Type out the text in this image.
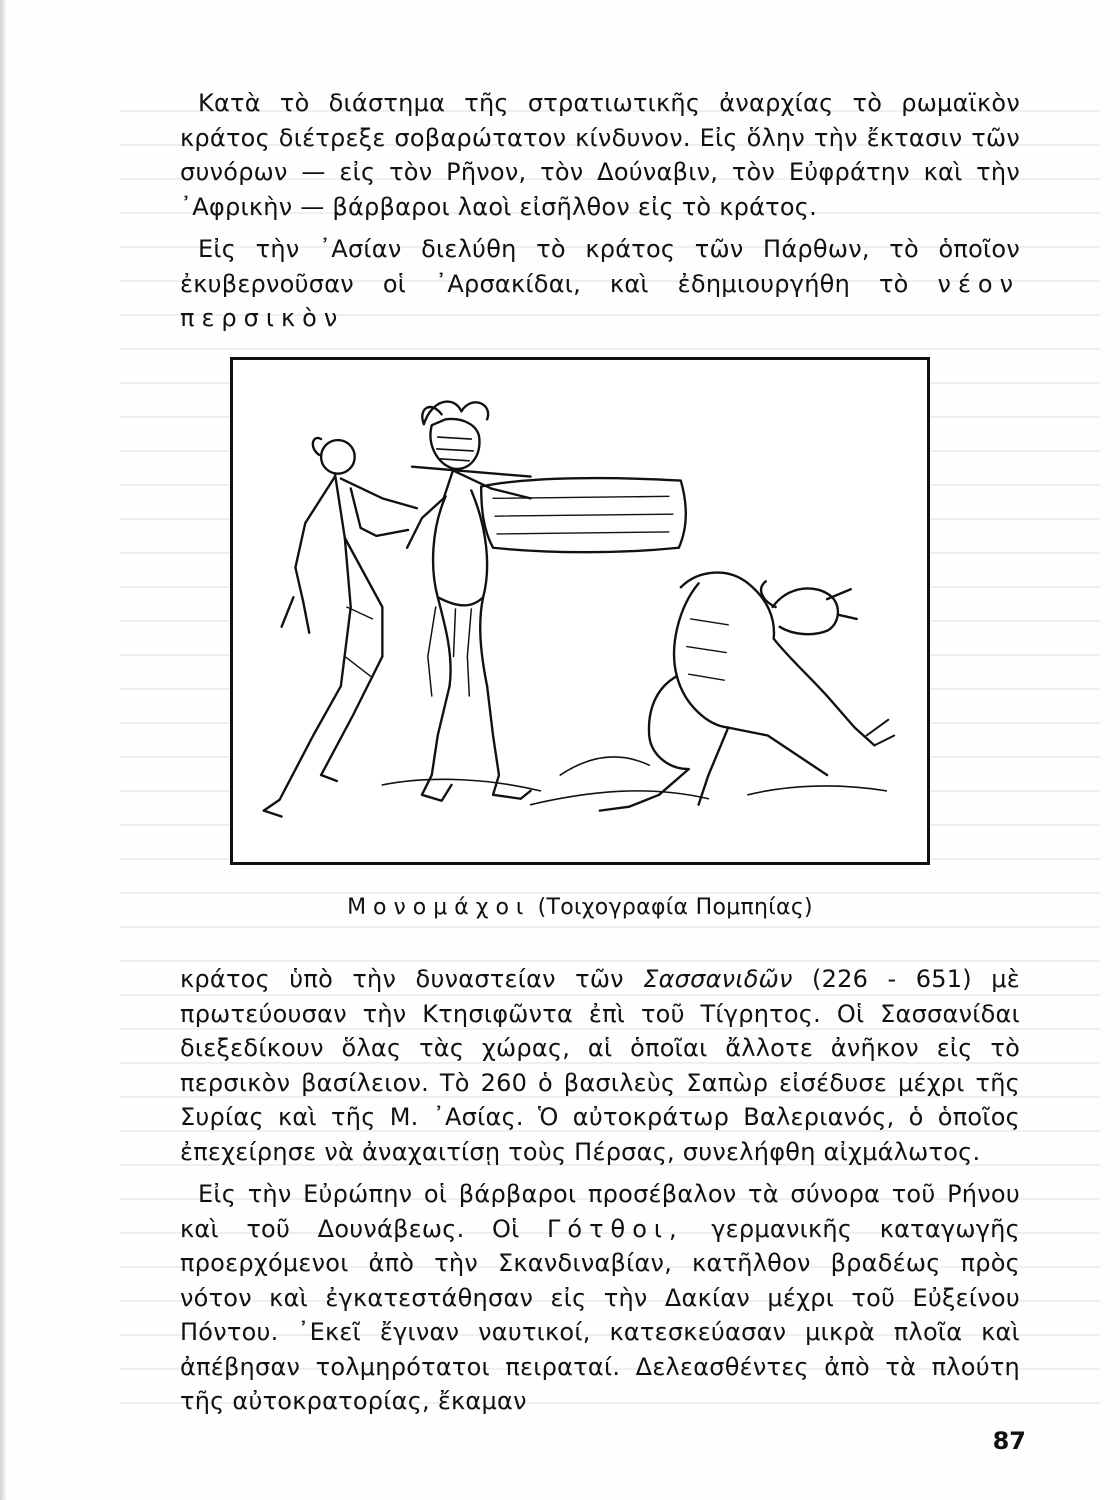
Κατὰ τὸ διάστημα τῆς στρατιωτικῆς ἀναρχίας τὸ ρωμαϊκὸν κράτος διέτρεξε σοβαρώτατον κίνδυνον. Εἰς ὅλην τὴν ἔκτασιν τῶν συνόρων — εἰς τὸν Ρῆνον, τὸν Δούναβιν, τὸν Εὐφράτην καὶ τὴν ᾿Αφρικὴν — βάρβαροι λαοὶ εἰσῆλθον εἰς τὸ κράτος.

Εἰς τὴν ᾿Ασίαν διελύθη τὸ κράτος τῶν Πάρθων, τὸ ὁποῖον ἐκυβερνοῦσαν οἱ ᾿Αρσακίδαι, καὶ ἐδημιουργήθη τὸ νέον περσικὸν

Μονομάχοι (Τοιχογραφία Πομπηίας)

κράτος ὑπὸ τὴν δυναστείαν τῶν Σασσανιδῶν (226 - 651) μὲ πρωτεύουσαν τὴν Κτησιφῶντα ἐπὶ τοῦ Τίγρητος. Οἱ Σασσανίδαι διεξεδίκουν ὅλας τὰς χώρας, αἱ ὁποῖαι ἄλλοτε ἀνῆκον εἰς τὸ περσικὸν βασίλειον. Τὸ 260 ὁ βασιλεὺς Σαπὼρ εἰσέδυσε μέχρι τῆς Συρίας καὶ τῆς Μ. ᾿Ασίας. Ὁ αὐτοκράτωρ Βαλεριανός, ὁ ὁποῖος ἐπεχείρησε νὰ ἀναχαιτίσῃ τοὺς Πέρσας, συνελήφθη αἰχμάλωτος.

Εἰς τὴν Εὐρώπην οἱ βάρβαροι προσέβαλον τὰ σύνορα τοῦ Ρήνου καὶ τοῦ Δουνάβεως. Οἱ Γότθοι, γερμανικῆς καταγωγῆς προερχόμενοι ἀπὸ τὴν Σκανδιναβίαν, κατῆλθον βραδέως πρὸς νότον καὶ ἐγκατεστάθησαν εἰς τὴν Δακίαν μέχρι τοῦ Εὐξείνου Πόντου. ᾿Εκεῖ ἔγιναν ναυτικοί, κατεσκεύασαν μικρὰ πλοῖα καὶ ἀπέβησαν τολμηρότατοι πειραταί. Δελεασθέντες ἀπὸ τὰ πλούτη τῆς αὐτοκρατορίας, ἔκαμαν

87
